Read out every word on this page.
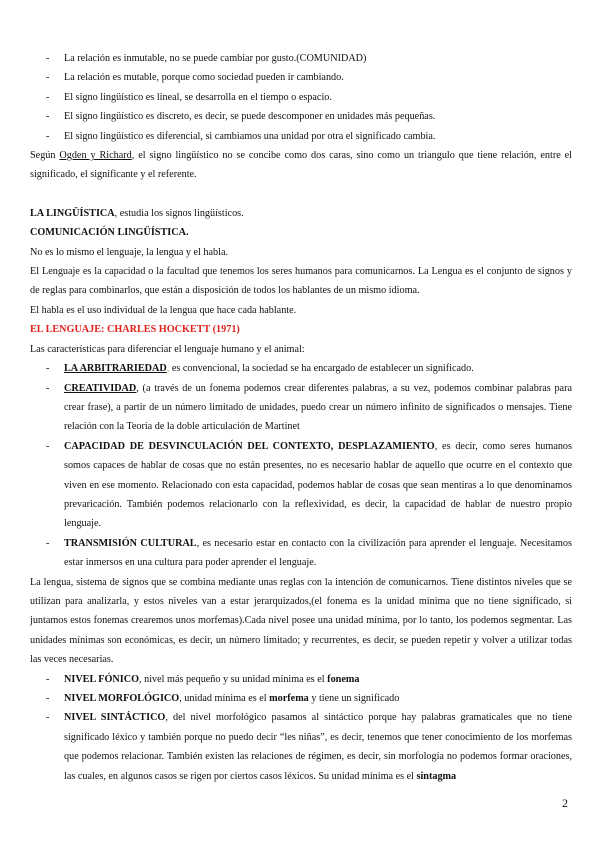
- La relación es inmutable, no se puede cambiar por gusto.(COMUNIDAD)
- La relación es mutable, porque como sociedad pueden ir cambiando.
- El signo lingüístico es lineal, se desarrolla en el tiempo o espacio.
- El signo lingüístico es discreto, es decir, se puede descomponer en unidades más pequeñas.
- El signo lingüístico es diferencial, si cambiamos una unidad por otra el significado cambia.

Según Ogden y Richard, el signo lingüístico no se concibe como dos caras, sino como un triangulo que tiene relación, entre el significado, el significante y el referente.

LA LINGÜÍSTICA, estudia los signos lingüísticos.

COMUNICACIÓN LINGÜÍSTICA.

No es lo mismo el lenguaje, la lengua y el habla.

El Lenguaje es la capacidad o la facultad que tenemos los seres humanos para comunicarnos. La Lengua es el conjunto de signos y de reglas para combinarlos, que están a disposición de todos los hablantes de un mismo idioma.

El habla es el uso individual de la lengua que hace cada hablante.

EL LENGUAJE: CHARLES HOCKETT (1971)

Las características para diferenciar el lenguaje humano y el animal:

- LA ARBITRARIEDAD, es convencional, la sociedad se ha encargado de establecer un significado.
- CREATIVIDAD, (a través de un fonema podemos crear diferentes palabras, a su vez, podemos combinar palabras para crear frase), a partir de un número limitado de unidades, puedo crear un número infinito de significados o mensajes. Tiene relación con la Teoría de la doble articulación de Martinet
- CAPACIDAD DE DESVINCULACIÓN DEL CONTEXTO, DESPLAZAMIENTO, es decir, como seres humanos somos capaces de hablar de cosas que no están presentes, no es necesario hablar de aquello que ocurre en el contexto que viven en ese momento. Relacionado con esta capacidad, podemos hablar de cosas que sean mentiras a lo que denominamos prevaricación. También podemos relacionarlo con la reflexividad, es decir, la capacidad de hablar de nuestro propio lenguaje.
- TRANSMISIÓN CULTURAL, es necesario estar en contacto con la civilización para aprender el lenguaje. Necesitamos estar inmersos en una cultura para poder aprender el lenguaje.

La lengua, sistema de signos que se combina mediante unas reglas con la intención de comunicarnos. Tiene distintos niveles que se utilizan para analizarla, y estos niveles van a estar jerarquizados,(el fonema es la unidad mínima que no tiene significado, si juntamos estos fonemas crearemos unos morfemas).Cada nivel posee una unidad mínima, por lo tanto, los podemos segmentar. Las unidades mínimas son económicas, es decir, un número limitado; y recurrentes, es decir, se pueden repetir y volver a utilizar todas las veces necesarias.

- NIVEL FÓNICO, nivel más pequeño y su unidad mínima es el fonema
- NIVEL MORFOLÓGICO, unidad mínima es el morfema y tiene un significado
- NIVEL SINTÁCTICO, del nivel morfológico pasamos al sintáctico porque hay palabras gramaticales que no tiene significado léxico y también porque no puedo decir “les niñas”, es decir, tenemos que tener conocimiento de los morfemas que podemos relacionar. También existen las relaciones de régimen, es decir, sin morfología no podemos formar oraciones, las cuales, en algunos casos se rigen por ciertos casos léxicos. Su unidad mínima es el sintagma
2
